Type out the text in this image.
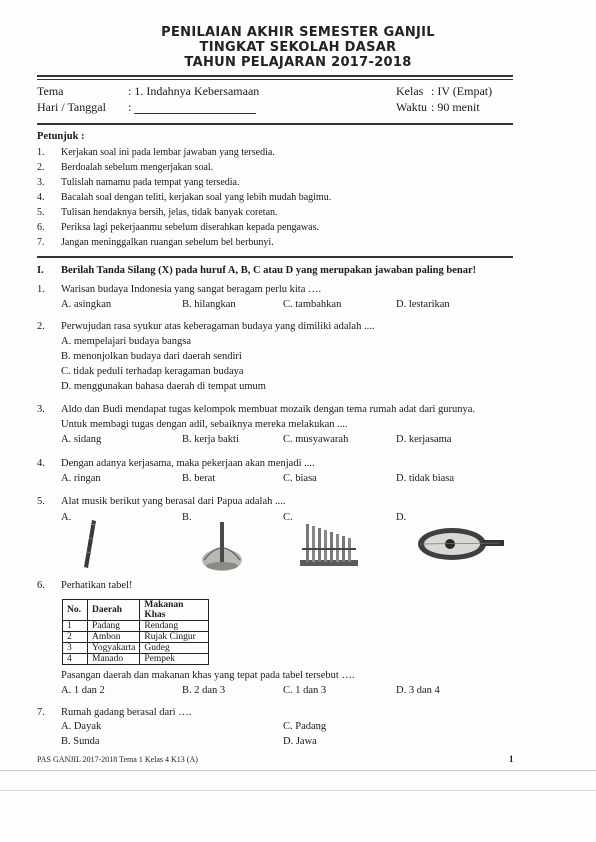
PENILAIAN AKHIR SEMESTER GANJIL
TINGKAT SEKOLAH DASAR
TAHUN PELAJARAN 2017-2018
Tema	: 1. Indahnya Kebersamaan
Hari / Tanggal :
Kelas : IV (Empat)
Waktu : 90 menit
Petunjuk :
1. Kerjakan soal ini pada lembar jawaban yang tersedia.
2. Berdoalah sebelum mengerjakan soal.
3. Tulislah namamu pada tempat yang tersedia.
4. Bacalah soal dengan teliti, kerjakan soal yang lebih mudah bagimu.
5. Tulisan hendaknya bersih, jelas, tidak banyak coretan.
6. Periksa lagi pekerjaanmu sebelum diserahkan kepada pengawas.
7. Jangan meninggalkan ruangan sebelum bel berbunyi.
I. Berilah Tanda Silang (X) pada huruf A, B, C atau D yang merupakan jawaban paling benar!
1. Warisan budaya Indonesia yang sangat beragam perlu kita ….
A. asingkan	B. hilangkan	C. tambahkan	D. lestarikan
2. Perwujudan rasa syukur atas keberagaman budaya yang dimiliki adalah ....
A. mempelajari budaya bangsa
B. menonjolkan budaya dari daerah sendiri
C. tidak peduli terhadap keragaman budaya
D. menggunakan bahasa daerah di tempat umum
3. Aldo dan Budi mendapat tugas kelompok membuat mozaik dengan tema rumah adat dari gurunya.
Untuk membagi tugas dengan adil, sebaiknya mereka melakukan ....
A. sidang	B. kerja bakti	C. musyawarah	D. kerjasama
4. Dengan adanya kerjasama, maka pekerjaan akan menjadi ....
A. ringan	B. berat	C. biasa	D. tidak biasa
5. Alat musik berikut yang berasal dari Papua adalah ....
A.	B.	C.	D.
6. Perhatikan tabel!
No.	Daerah	Makanan Khas
1	Padang	Rendang
2	Ambon	Rujak Cingur
3	Yogyakarta	Gudeg
4	Manado	Pempek
Pasangan daerah dan makanan khas yang tepat pada tabel tersebut ….
A. 1 dan 2	B. 2 dan 3	C. 1 dan 3	D. 3 dan 4
7. Rumah gadang berasal dari ….
A. Dayak
B. Sunda
C. Padang
D. Jawa
PAS GANJIL 2017-2018 Tema 1 Kelas 4 K13 (A)	1
